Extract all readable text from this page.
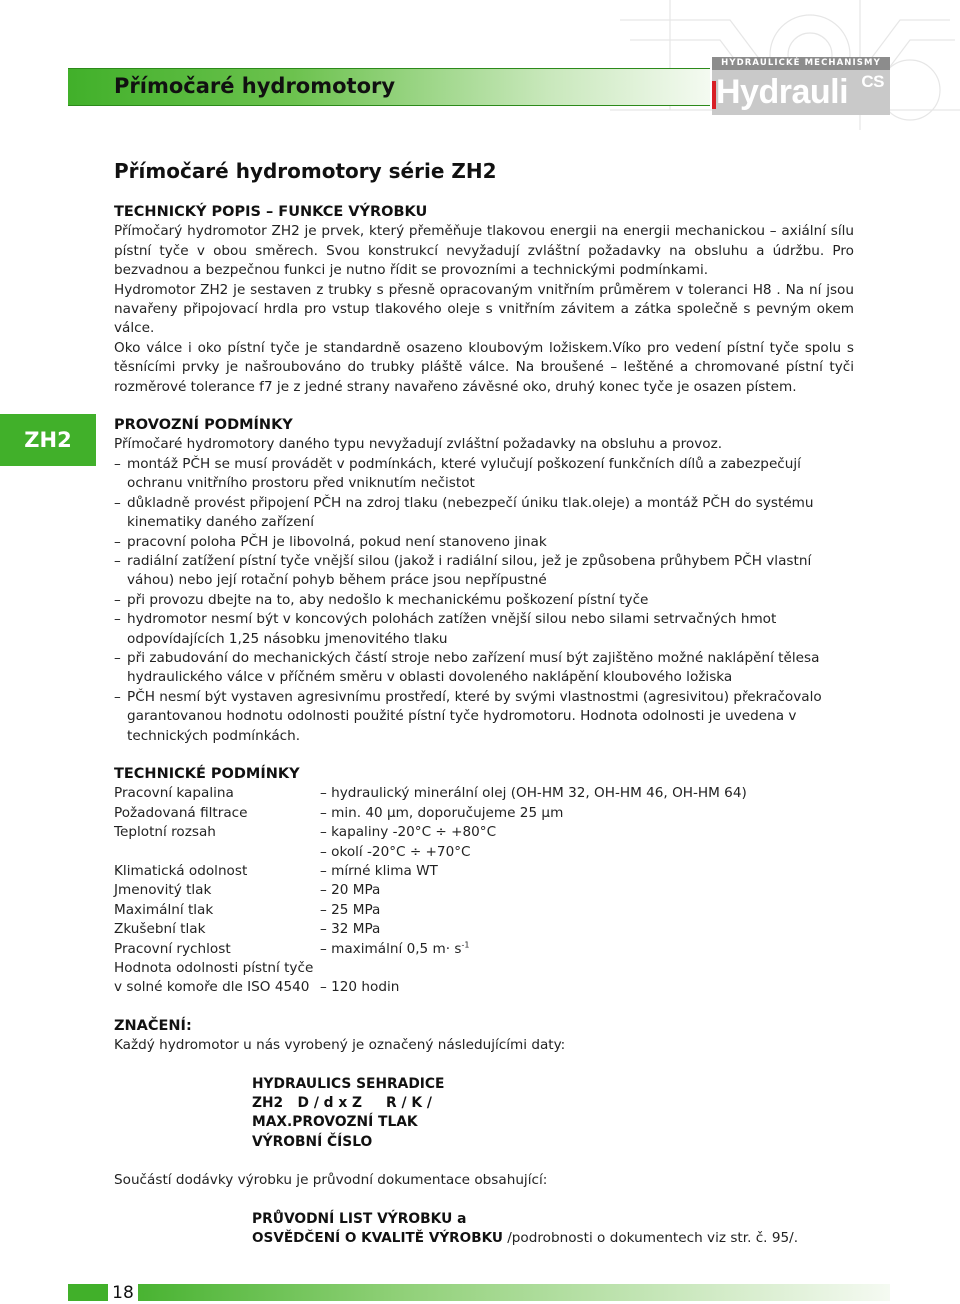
Přímočaré hydromotory
HYDRAULICKÉ MECHANISMY
Hydrauli CS
ZH2
Přímočaré hydromotory série ZH2
TECHNICKÝ POPIS – FUNKCE VÝROBKU

Přímočarý hydromotor ZH2 je prvek, který přeměňuje tlakovou energii na energii mechanickou – axiální sílu pístní tyče v obou směrech. Svou konstrukcí nevyžadují zvláštní požadavky na obsluhu a údržbu. Pro bezvadnou a bezpečnou funkci je nutno řídit se provozními a technickými podmínkami.

Hydromotor ZH2 je sestaven z trubky s přesně opracovaným vnitřním průměrem v toleranci H8 . Na ní jsou navařeny připojovací hrdla pro vstup tlakového oleje s vnitřním závitem a zátka společně s pevným okem válce.

Oko válce i oko pístní tyče je standardně osazeno kloubovým ložiskem.Víko pro vedení pístní tyče spolu s těsnícími prvky je našroubováno do trubky pláště válce. Na broušené – leštěné a chromované pístní tyči rozměrové tolerance f7 je z jedné strany navařeno závěsné oko, druhý konec tyče je osazen pístem.

PROVOZNÍ PODMÍNKY

Přímočaré hydromotory daného typu nevyžadují zvláštní požadavky na obsluhu a provoz.

– montáž PČH se musí provádět v podmínkách, které vylučují poškození funkčních dílů a zabezpečují ochranu vnitřního prostoru před vniknutím nečistot
– důkladně provést připojení PČH na zdroj tlaku (nebezpečí úniku tlak.oleje) a montáž PČH do systému kinematiky daného zařízení
– pracovní poloha PČH je libovolná, pokud není stanoveno jinak
– radiální zatížení pístní tyče vnější silou (jakož i radiální silou, jež je způsobena průhybem PČH vlastní váhou) nebo její rotační pohyb během práce jsou nepřípustné
– při provozu dbejte na to, aby nedošlo k mechanickému poškození pístní tyče
– hydromotor nesmí být v koncových polohách zatížen vnější silou nebo silami setrvačných hmot odpovídajících 1,25 násobku jmenovitého tlaku
– při zabudování do mechanických částí stroje nebo zařízení musí být zajištěno možné naklápění tělesa hydraulického válce v příčném směru v oblasti dovoleného naklápění kloubového ložiska
– PČH nesmí být vystaven agresivnímu prostředí, které by svými vlastnostmi (agresivitou) překračovalo garantovanou hodnotu odolnosti použité pístní tyče hydromotoru. Hodnota odolnosti je uvedena v technických podmínkách.
TECHNICKÉ PODMÍNKY
Pracovní kapalina	– hydraulický minerální olej (OH-HM 32, OH-HM 46, OH-HM 64)
Požadovaná filtrace	– min. 40 μm, doporučujeme 25 μm
Teplotní rozsah	– kapaliny -20°C ÷ +80°C
	– okolí -20°C ÷ +70°C
Klimatická odolnost	– mírné klima WT
Jmenovitý tlak	– 20 MPa
Maximální tlak	– 25 MPa
Zkušební tlak	– 32 MPa
Pracovní rychlost	– maximální 0,5 $m\cdot s^{-1}$
Hodnota odolnosti pístní tyče	
v solné komoře dle ISO 4540	– 120 hodin
ZNAČENÍ:

Každý hydromotor u nás vyrobený je označený následujícími daty:

HYDRAULICS SEHRADICE

ZH2   D / d x Z     R / K /

MAX.PROVOZNÍ TLAK

VÝROBNÍ ČÍSLO

Součástí dodávky výrobku je průvodní dokumentace obsahující:

PRŮVODNÍ LIST VÝROBKU a

OSVĚDČENÍ O KVALITĚ VÝROBKU /podrobnosti o dokumentech viz str. č. 95/.

18
